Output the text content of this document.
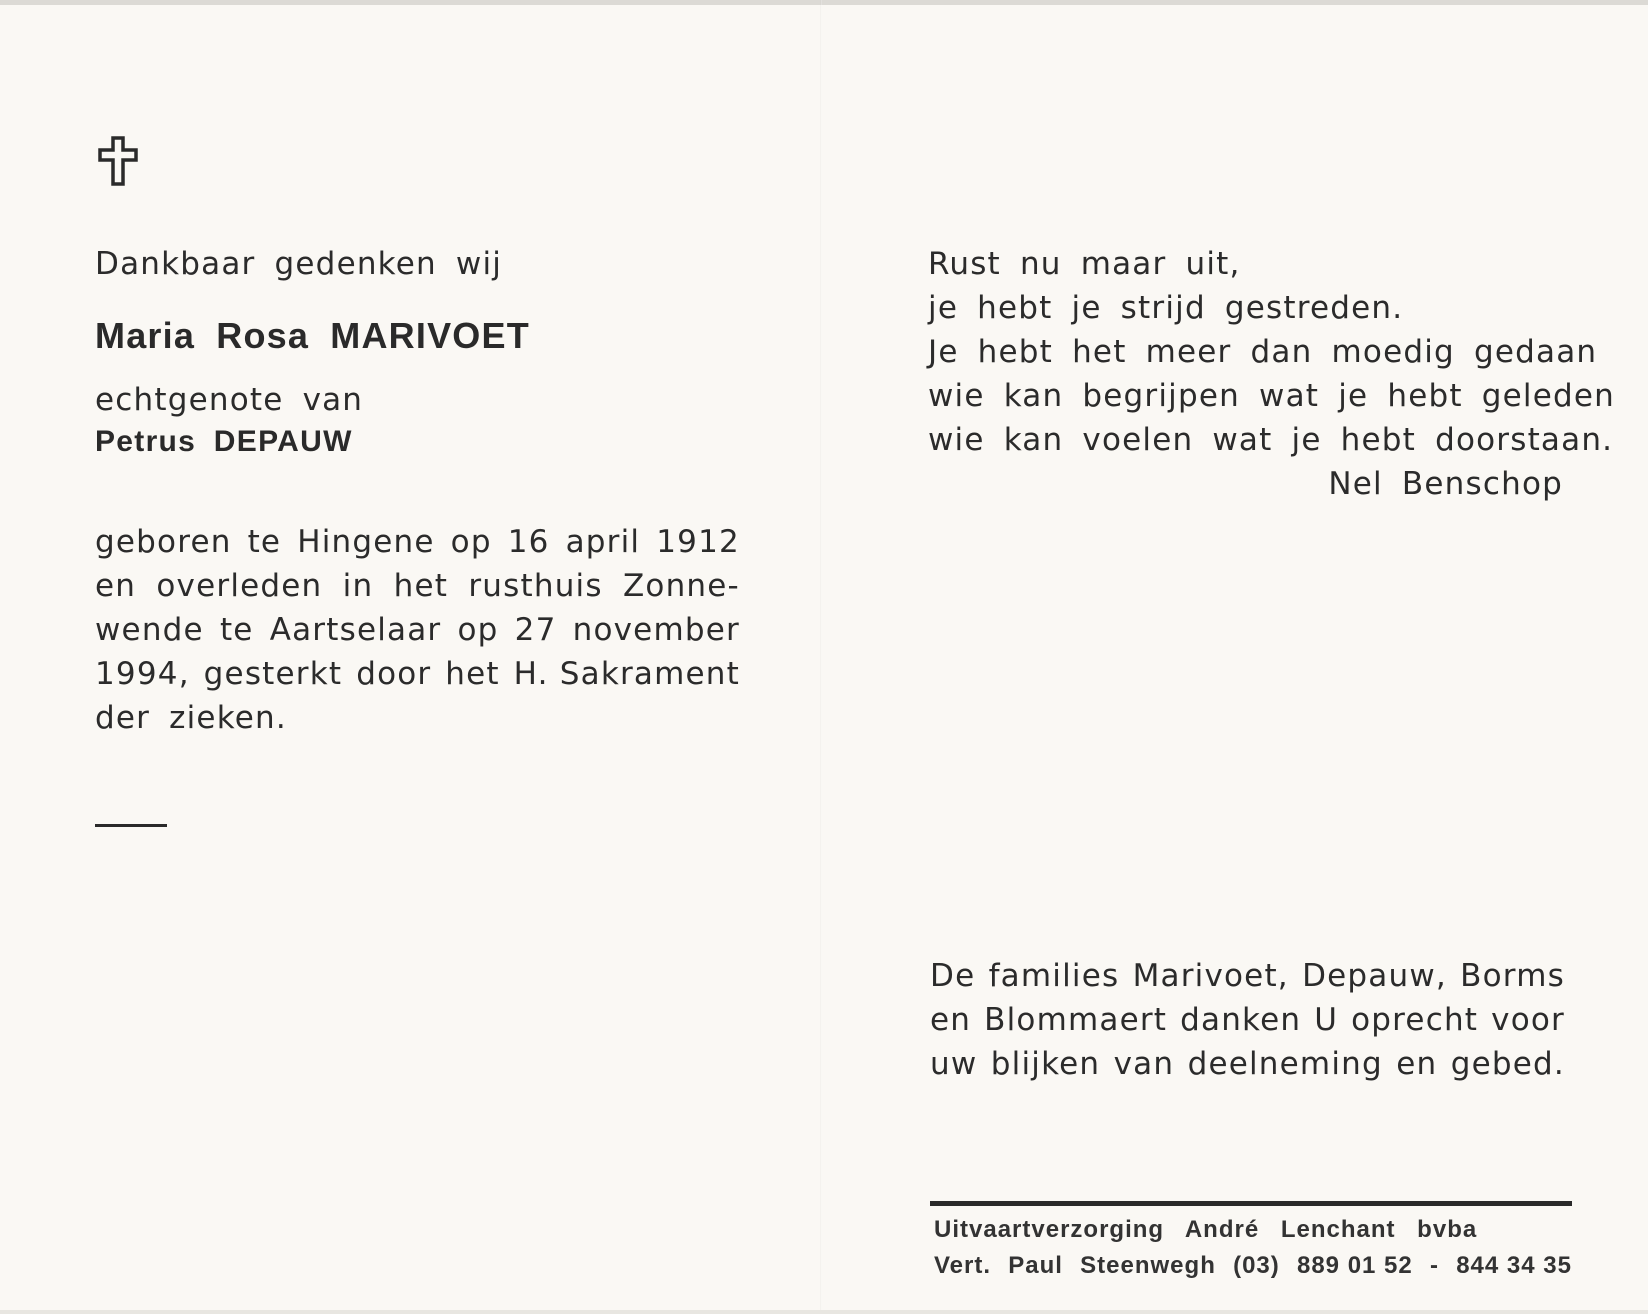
Dankbaar gedenken wij
Maria Rosa MARIVOET
echtgenote van
Petrus DEPAUW
geboren te Hingene op 16 april 1912
en overleden in het rusthuis Zonne-
wende te Aartselaar op 27 november
1994, gesterkt door het H. Sakrament
der zieken.
Rust nu maar uit,
je hebt je strijd gestreden.
Je hebt het meer dan moedig gedaan
wie kan begrijpen wat je hebt geleden
wie kan voelen wat je hebt doorstaan.
Nel Benschop
De families Marivoet, Depauw, Borms
en Blommaert danken U oprecht voor
uw blijken van deelneming en gebed.
Uitvaartverzorging André Lenchant bvba
Vert. Paul Steenwegh (03) 889 01 52 - 844 34 35
